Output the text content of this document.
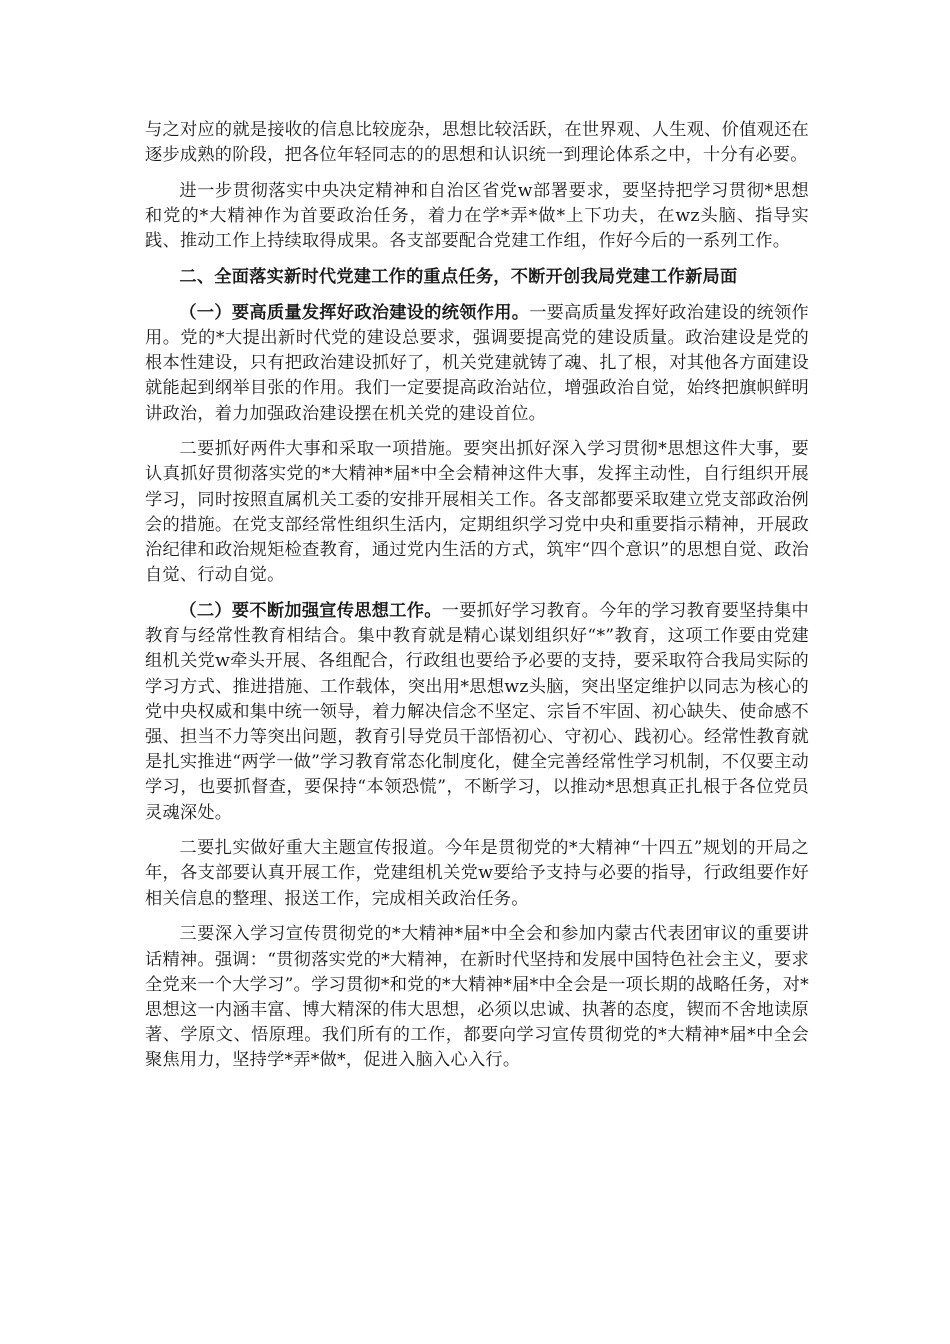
与之对应的就是接收的信息比较庞杂，思想比较活跃，在世界观、人生观、价值观还在逐步成熟的阶段，把各位年轻同志的的思想和认识统一到理论体系之中，十分有必要。

进一步贯彻落实中央决定精神和自治区省党w部署要求，要坚持把学习贯彻*思想和党的*大精神作为首要政治任务，着力在学*弄*做*上下功夫，在wz头脑、指导实践、推动工作上持续取得成果。各支部要配合党建工作组，作好今后的一系列工作。

二、全面落实新时代党建工作的重点任务，不断开创我局党建工作新局面

（一）要高质量发挥好政治建设的统领作用。一要高质量发挥好政治建设的统领作用。党的*大提出新时代党的建设总要求，强调要提高党的建设质量。政治建设是党的根本性建设，只有把政治建设抓好了，机关党建就铸了魂、扎了根，对其他各方面建设就能起到纲举目张的作用。我们一定要提高政治站位，增强政治自觉，始终把旗帜鲜明讲政治，着力加强政治建设摆在机关党的建设首位。

二要抓好两件大事和采取一项措施。要突出抓好深入学习贯彻*思想这件大事，要认真抓好贯彻落实党的*大精神*届*中全会精神这件大事，发挥主动性，自行组织开展学习，同时按照直属机关工委的安排开展相关工作。各支部都要采取建立党支部政治例会的措施。在党支部经常性组织生活内，定期组织学习党中央和重要指示精神，开展政治纪律和政治规矩检查教育，通过党内生活的方式，筑牢“四个意识”的思想自觉、政治自觉、行动自觉。

（二）要不断加强宣传思想工作。一要抓好学习教育。今年的学习教育要坚持集中教育与经常性教育相结合。集中教育就是精心谋划组织好“*”教育，这项工作要由党建组机关党w牵头开展、各组配合，行政组也要给予必要的支持，要采取符合我局实际的学习方式、推进措施、工作载体，突出用*思想wz头脑，突出坚定维护以同志为核心的党中央权威和集中统一领导，着力解决信念不坚定、宗旨不牢固、初心缺失、使命感不强、担当不力等突出问题，教育引导党员干部悟初心、守初心、践初心。经常性教育就是扎实推进“两学一做”学习教育常态化制度化，健全完善经常性学习机制，不仅要主动学习，也要抓督查，要保持“本领恐慌”，不断学习，以推动*思想真正扎根于各位党员灵魂深处。

二要扎实做好重大主题宣传报道。今年是贯彻党的*大精神“十四五”规划的开局之年，各支部要认真开展工作，党建组机关党w要给予支持与必要的指导，行政组要作好相关信息的整理、报送工作，完成相关政治任务。

三要深入学习宣传贯彻党的*大精神*届*中全会和参加内蒙古代表团审议的重要讲话精神。强调：“贯彻落实党的*大精神，在新时代坚持和发展中国特色社会主义，要求全党来一个大学习”。学习贯彻*和党的*大精神*届*中全会是一项长期的战略任务，对*思想这一内涵丰富、博大精深的伟大思想，必须以忠诚、执著的态度，锲而不舍地读原著、学原文、悟原理。我们所有的工作，都要向学习宣传贯彻党的*大精神*届*中全会聚焦用力，坚持学*弄*做*，促进入脑入心入行。
